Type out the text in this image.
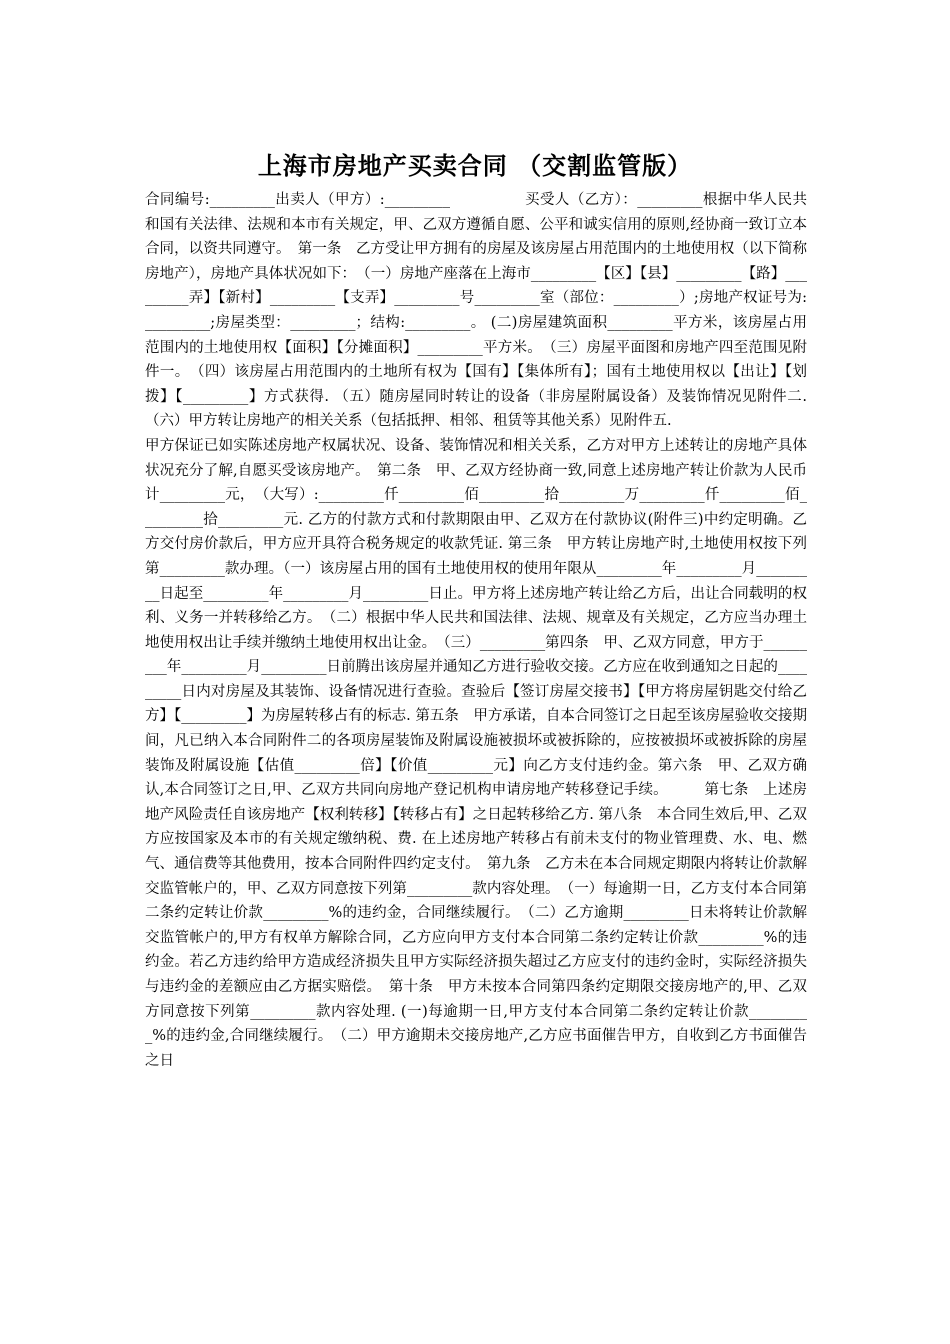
上海市房地产买卖合同 （交割监管版）

合同编号:_________出卖人（甲方）:_________　　　　　买受人（乙方）：_________根据中华人民共和国有关法律、法规和本市有关规定，甲、乙双方遵循自愿、公平和诚实信用的原则,经协商一致订立本合同，以资共同遵守。　第一条　乙方受让甲方拥有的房屋及该房屋占用范围内的土地使用权（以下简称房地产），房地产具体状况如下：　（一）房地产座落在上海市_________【区】【县】_________【路】_________弄】【新村】_________【支弄】_________号_________室（部位：_________）;房地产权证号为:_________;房屋类型：_________；结构:_________。 (二)房屋建筑面积_________平方米，该房屋占用范围内的土地使用权【面积】【分摊面积】_________平方米。　（三）房屋平面图和房地产四至范围见附件一。　（四）该房屋占用范围内的土地所有权为【国有】【集体所有】；国有土地使用权以【出让】【划拨】【_________】方式获得. （五）随房屋同时转让的设备（非房屋附属设备）及装饰情况见附件二. （六）甲方转让房地产的相关关系（包括抵押、相邻、租赁等其他关系）见附件五.

甲方保证已如实陈述房地产权属状况、设备、装饰情况和相关关系，乙方对甲方上述转让的房地产具体状况充分了解,自愿买受该房地产。　第二条　甲、乙双方经协商一致,同意上述房地产转让价款为人民币计_________元，　（大写）:_________仟_________佰_________拾_________万_________仟_________佰_________拾_________元. 乙方的付款方式和付款期限由甲、乙双方在付款协议(附件三)中约定明确。乙方交付房价款后，甲方应开具符合税务规定的收款凭证. 第三条　甲方转让房地产时,土地使用权按下列第_________款办理。（一）该房屋占用的国有土地使用权的使用年限从_________年_________月_________日起至_________年_________月_________日止。甲方将上述房地产转让给乙方后，出让合同载明的权利、义务一并转移给乙方。　（二）根据中华人民共和国法律、法规、规章及有关规定，乙方应当办理土地使用权出让手续并缴纳土地使用权出让金。　（三）_________第四条　甲、乙双方同意，甲方于_________年_________月_________日前腾出该房屋并通知乙方进行验收交接。乙方应在收到通知之日起的_________日内对房屋及其装饰、设备情况进行查验。查验后【签订房屋交接书】【甲方将房屋钥匙交付给乙方】【_________】为房屋转移占有的标志. 第五条　甲方承诺，自本合同签订之日起至该房屋验收交接期间，凡已纳入本合同附件二的各项房屋装饰及附属设施被损坏或被拆除的，应按被损坏或被拆除的房屋装饰及附属设施【估值_________倍】【价值_________元】向乙方支付违约金。第六条　甲、乙双方确认,本合同签订之日,甲、乙双方共同向房地产登记机构申请房地产转移登记手续。　　　第七条　上述房地产风险责任自该房地产【权利转移】【转移占有】之日起转移给乙方. 第八条　本合同生效后,甲、乙双方应按国家及本市的有关规定缴纳税、费. 在上述房地产转移占有前未支付的物业管理费、水、电、燃气、通信费等其他费用，按本合同附件四约定支付。　第九条　乙方未在本合同规定期限内将转让价款解交监管帐户的，甲、乙双方同意按下列第_________款内容处理。　（一）每逾期一日，乙方支付本合同第二条约定转让价款_________%的违约金，合同继续履行。　（二）乙方逾期_________日未将转让价款解交监管帐户的,甲方有权单方解除合同，乙方应向甲方支付本合同第二条约定转让价款_________%的违约金。若乙方违约给甲方造成经济损失且甲方实际经济损失超过乙方应支付的违约金时，实际经济损失与违约金的差额应由乙方据实赔偿。　第十条　甲方未按本合同第四条约定期限交接房地产的,甲、乙双方同意按下列第_________款内容处理. (一)每逾期一日,甲方支付本合同第二条约定转让价款_________%的违约金,合同继续履行。　（二）甲方逾期未交接房地产,乙方应书面催告甲方，自收到乙方书面催告之日
